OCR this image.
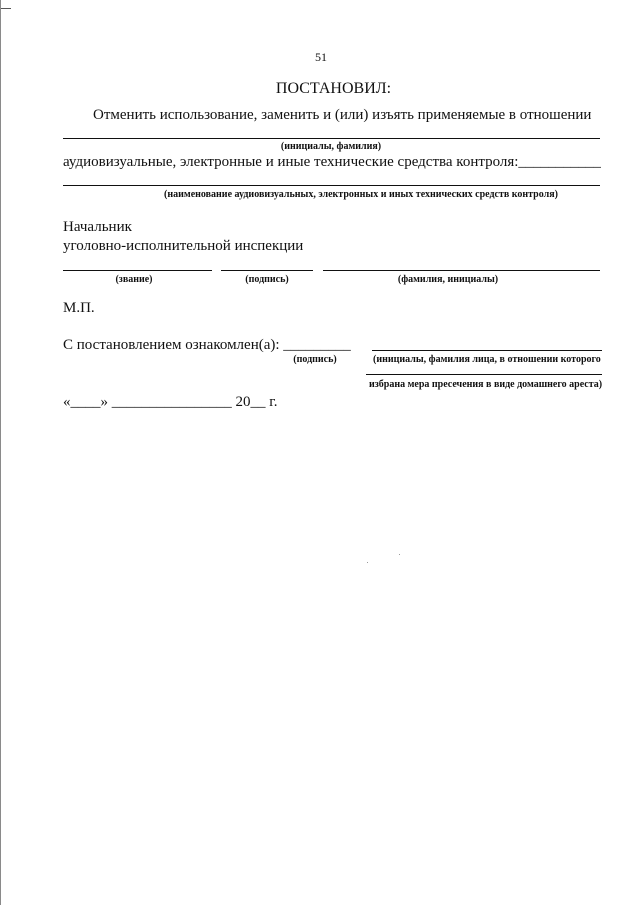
51
ПОСТАНОВИЛ:
Отменить использование, заменить и (или) изъять применяемые в отношении
(инициалы, фамилия)
аудиовизуальные, электронные и иные технические средства контроля:___________
(наименование аудиовизуальных, электронных и иных технических средств контроля)
Начальник
уголовно-исполнительной инспекции
(звание)	(подпись)	(фамилия, инициалы)
М.П.
С постановлением ознакомлен(а): _________
(подпись)	(инициалы, фамилия лица, в отношении которого
избрана мера пресечения в виде домашнего ареста)
«____» ________________ 20__ г.
